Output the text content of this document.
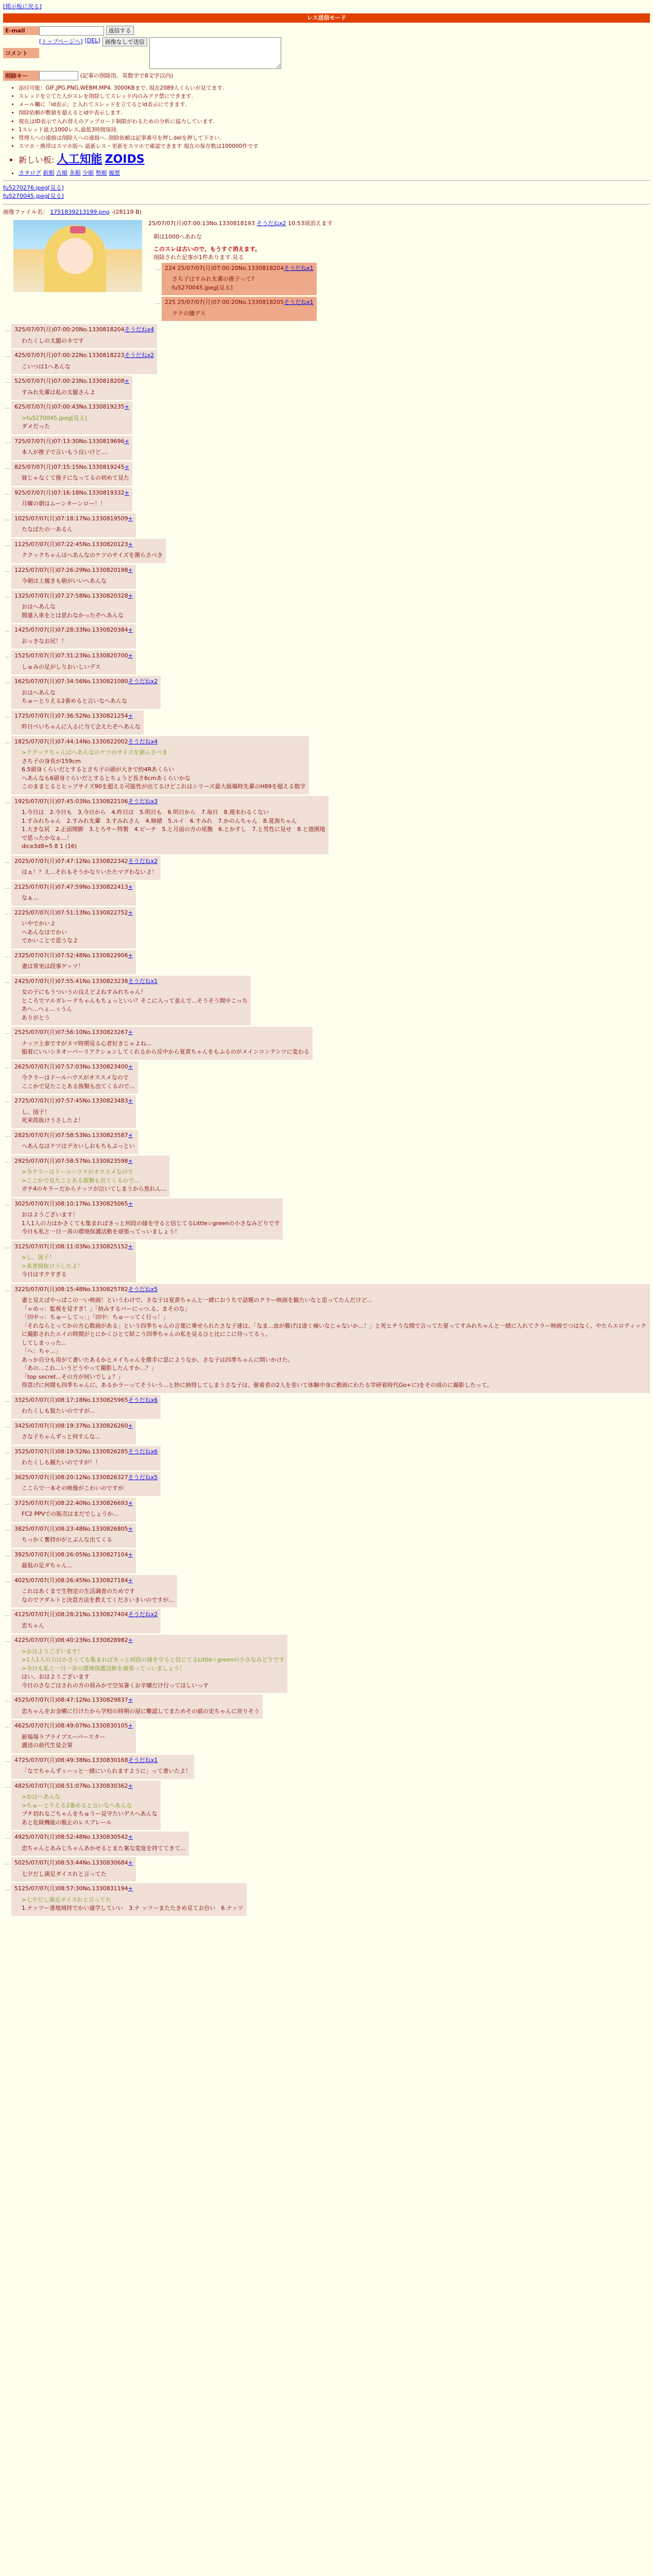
[掲示板に戻る]
レス送信モード
E-mail	返信する
コメント
[トップページへ] [DEL] 画像なしで送信
削除キー	(記事の削除用。英数字で8文字以内)
• 添付可能：GIF,JPG,PNG,WEBM,MP4. 3000KBまで. 現在2089人くらいが見てます.
• スレッドを立てた人がスレを削除してスレッド内のみアク禁にできます.
• メール欄に「id表示」と入れてスレッドを立てるとid表示にできます.
• 削除依頼が敷値を超えるとid中表示します.
• 現在はID表示で入れ替えのアップロード制限がわるための分析に協力しています.
• 1スレッド最大1000レス,最低3時間保持.
• 管理人への連絡は削除人への連絡へ. 削除依頼は記事番号を押しdelを押して下さい.
• スマホ・携帯はスマホ版へ 最新レス・更新をスマホで確認できます 現在の保存数は100000件です
• 新しい板: 人工知能 ZOIDS
• カタログ 新順 古順 多順 少順 勢順 履歴
fu5270276.jpeg[見る]
fu5270045.jpeg[見る]
画像ファイル名： 1751839213199.png -(28119 B)
25/07/07(月)07:00:13No.1330818193 そうだねx2 10:53頃消えます
朝は1000へあれな
このスレは古いので、もうすぐ消えます。
削除された記事が1件あります.見る
… 224 25/07/07(月)07:00:20No.1330818204そうだねx1
さち子はすみれ先輩の推子って?
fu5270045.jpeg[見る]
… 225 25/07/07(月)07:00:20No.1330818205そうだねx1
ククの腰デス
… 325/07/07(月)07:00:20No.1330818204そうだねx4
わたくしの太腿のネです
… 425/07/07(月)07:00:22No.1330818223そうだねx2
こいつは1へあんな
… 525/07/07(月)07:00:23No.1330818208+
すみれ先輩は私の太腿さんよ
… 625/07/07(月)07:00:43No.1330819235+
>fu5270045.jpeg[見る]
ダメだった
… 725/07/07(月)07:13:30No.1330819696+
本人が推子で言いもう良いけど....
… 825/07/07(月)07:15:15No.1330819245+
彼じゃなくて推子になってるの初めて見た
… 925/07/07(月)07:16:18No.1330819332+
月曜の朝はムーンターンロー！！
… 1025/07/07(月)07:18:17No.1330819509+
たなばたの一あるん
… 1125/07/07(月)07:22:45No.1330820123+
ククックちゃんはへあんなのケツのサイズを測らさべき
… 1225/07/07(月)07:26:29No.1330820198+
今朝は上履きも朝がいいへあんな
… 1325/07/07(月)07:27:58No.1330820328+
おはへあんな
間違入車をとは思わなかったぞへあんな
… 1425/07/07(月)07:28:33No.1330820384+
おっきなお尻！！
… 1525/07/07(月)07:31:23No.1330820700+
しゅみの足がしりおいしいデス
… 1625/07/07(月)07:34:56No.1330821080そうだねx2
おはへあんな
ちゅーとりえる2番めると言いなへあんな
… 1725/07/07(月)07:36:52No.1330821254+
昨日ぺいちゃんに入るに当て会えたぞへあんな
… 1825/07/07(月)07:44:14No.1330822002そうだねx4
>ククックちゃんはへあんなのケツのサイズを測らさべき
さち子の身長が159cm
6.5頭身くらいだとするとさち子の頭が大きで約4Rあくらい
へあんなも6頭身ぐらいだとするとちょうど長さ6cmあくらいかな
このままとるとヒップサイズ90を超える可能性が出てるけどこれはシリーズ最大級爆時先輩のH89を超える数字
… 1925/07/07(月)07:45:03No.1330822106そうだねx3
1.今日は　2.今日も　3.今日から　4.昨日は　5.明日も　6.明日から　7.毎日　8.週末わるくない
1.すみれちゃん　2.すみれ先輩　3.すみれさん　4.締緒　5.ルイ　6.すみれ　7.かのんちゃん　8.夏海ちゃん
1.大きな尻　2.正面開脚　3.とろサー特製　4.ピーチ　5.と月面の方の尾撫　6.とかすし　7.と男性に見せ　8.と遊園地
で思ったかなぁ...！
dice3d8=5 8 1 (16)
… 2025/07/07(月)07:47:12No.1330822342そうだねx2
はぁ！？え...それもそうかなりいたたマグわないよ！
… 2125/07/07(月)07:47:59No.1330822413+
なぁ...
… 2225/07/07(月)07:51:13No.1330822752+
いやでかいよ
へあんなはでかい
でかいことで思うなよ
… 2325/07/07(月)07:52:48No.1330822906+
妻は常実は段事ゲッツ！
… 2425/07/07(月)07:55:41No.1330823238そうだねx1
女の子にもうついうの良えどよねすみれちゃん！
ところでマルガレーテちゃんもちょっといい？そこに入って並んで...そうそう間中こっち
あへ...へぇ...ぅうん
ありがとう
… 2525/07/07(月)07:56:10No.1330823267+
ナッツ上車ですがヌマ時期見る心者好きじゃよね...
服着にいいシネオーバーリアクションしてくれるから反中から夏黄ちゃんをもふるのがメインコンテンツに変わる
… 2625/07/07(月)07:57:03No.1330823400+
今クラーはドールハウスがオススメなので
ここかで見たことある族類も出てくるので…
… 2725/07/07(月)07:57:45No.1330823483+
し、図子！
死来筒抜けうさしたよ！
… 2825/07/07(月)07:58:53No.1330823587+
へあんなはケツはデカいしおもちもぶっとい
… 2925/07/07(月)07:58:57No.1330823598+
>今クラーはドールハウスがオススメなので
>ここかで見たことある族類も出てくるので…
ガチ4のキラーだからナッツが泣いてしまうから焦れん...
… 3025/07/07(月)08:10:17No.1330825065+
おはようございます！
1人1人の力はかさくても集まればきっと何段の縁を守ると信じてるLittle☆greenの小さなみどりです
今日も私と一日一善の環境保護活動を頑張ってっいましょう！
… 3125/07/07(月)08:11:03No.1330825152+
>し、図子！
>来者筒抜けうしたよ！
今日はすクすぎる
… 3225/07/07(月)08:15:48No.1330825782そうだねx5
妻と見えばやっぱこの一い映画！というわけで、さな子は夏黄ちゃんと一緒におうちで話題のクラー映画を観たいなと思ってたんだけど...
「ゃめっ：監視を見すぎ！」「紡みするバーにっつ.る、まそのな」
「田中っ：ちゅーしてっ：」「田中：ちゅーってく行っ！」
「それならとってかの方心数画がある」という四季ちゃんの言葉に乗せられたさな子達は、「なま...血が膜げは途く痛いなじゃないか...！」と死ヒチうな間で言ってた夏ってすみれちゃんと一緒に入れてクラー映画でつはなく、やたらエロティックに撮影されたエイの時間がとにかくひとて結こう四季ちゃんの私を見るひと比にこに待ってるぅ。
してしまっった...
「へ：ちゃ...」
あっか自分も用がて書いたあるかとメイちゃんを勝手に思にようなか、さな子は四季ちゃんに問いかけた。
「あの...これ...いうどうやって撮影したんすか...？」
「top secret...その方が何いでしょ？」
得意げに何間も四季ちゃんに、あるかラーってそういう...と妙に納得してしまうさな子は、催着者の2人を差いて体験中身に動画にわたる学研着時代Go+に)をその頃のに撮影したって。
… 3325/07/07(月)08:17:18No.1330825965そうだねx6
わたくしも貌たいのですが...
… 3425/07/07(月)08:19:37No.1330826260+
さな子ちゃんずっと何すんな...
… 3525/07/07(月)08:19:52No.1330826285そうだねx6
わたくしも観たいのですが！！
… 3625/07/07(月)08:20:12No.1330826327そうだねx5
ここらで一本その映像がこわいのですが
… 3725/07/07(月)08:22:40No.1330826693+
FC2 PPVでの販売はまだでしょうか...
… 3825/07/07(月)08:23:48No.1330826805+
ちっかく奮持ががとぶんな出てくる
… 3925/07/07(月)08:26:05No.1330827104+
最低の足ダちゃん...
… 4025/07/07(月)08:26:45No.1330827184+
これはあくまで生物定の生活調査のためです
なのでアダルトと決意方法を教えてくださいきいのですが...
… 4125/07/07(月)08:28:21No.1330827404そうだねx2
恋ちゃん
… 4225/07/07(月)08:40:23No.1330828982+
>おはようございます！
>1人1人の力はかさくても集まればきっと何段の縁を守ると信じてるLittle☆greenの小さなみどりです
>今日も私と一日一善の環境保護活動を頑張ってっいましょう！
ほい、おはようございます
今日のさなごはされの方の昼みかで空気暑くお辛嬢だけ行ってほしいっす
… 4525/07/07(月)08:47:12No.1330829837+
恋ちゃんをお金曜に行けたから学校の時期の屋に難認してまためその値の定ちゃんに戻りそう
… 4625/07/07(月)08:49:07No.1330830105+
新場場ラブライブスーパースター
護送の前代生徒会第
… 4725/07/07(月)08:49:38No.1330830168そうだねx1
「なでちゃんずぅーっと一緒にいられますように」って書いたよ！
… 4825/07/07(月)08:51:07No.1330830362+
>おはへあんな
>ちゅーとりえる2番めると言いなへあんな
ブチ切れなごちゃんをちゅうー見守たいデスへあんな
あと危険機能の飯止のレスブレール
… 4925/07/07(月)08:52:48No.1330830542+
恋ちゃんとあみじちゃんあかせるとまた案な変度を持ててきて...
… 5025/07/07(月)08:53:44No.1330830684+
七夕だし満足ダイスれと言ってた
… 5125/07/07(月)08:57:30No.1330831194+
>七夕だし満足ダイスれと言ってた
1.ナッツー書地域持でかい通学していい　3.ナ ッツーまたたきめ見てお台い　6.ナッツ
